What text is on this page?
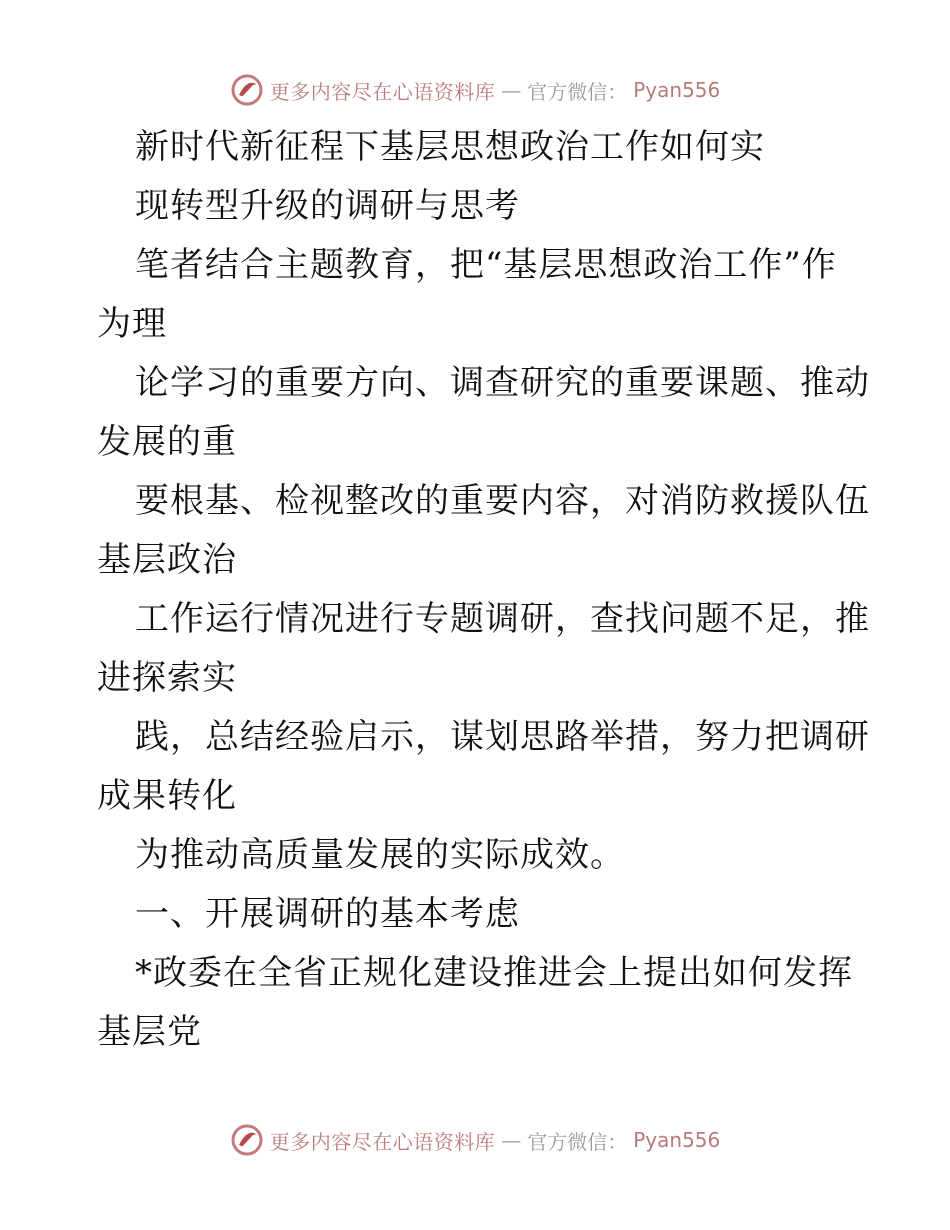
更多内容尽在心语资料库 — 官方微信： Pyan556
新时代新征程下基层思想政治工作如何实
现转型升级的调研与思考
笔者结合主题教育，把“基层思想政治工作”作
为理
论学习的重要方向、调查研究的重要课题、推动
发展的重
要根基、检视整改的重要内容，对消防救援队伍
基层政治
工作运行情况进行专题调研，查找问题不足，推
进探索实
践，总结经验启示，谋划思路举措，努力把调研
成果转化
为推动高质量发展的实际成效。
一、开展调研的基本考虑
*政委在全省正规化建设推进会上提出如何发挥
基层党
更多内容尽在心语资料库 — 官方微信： Pyan556
